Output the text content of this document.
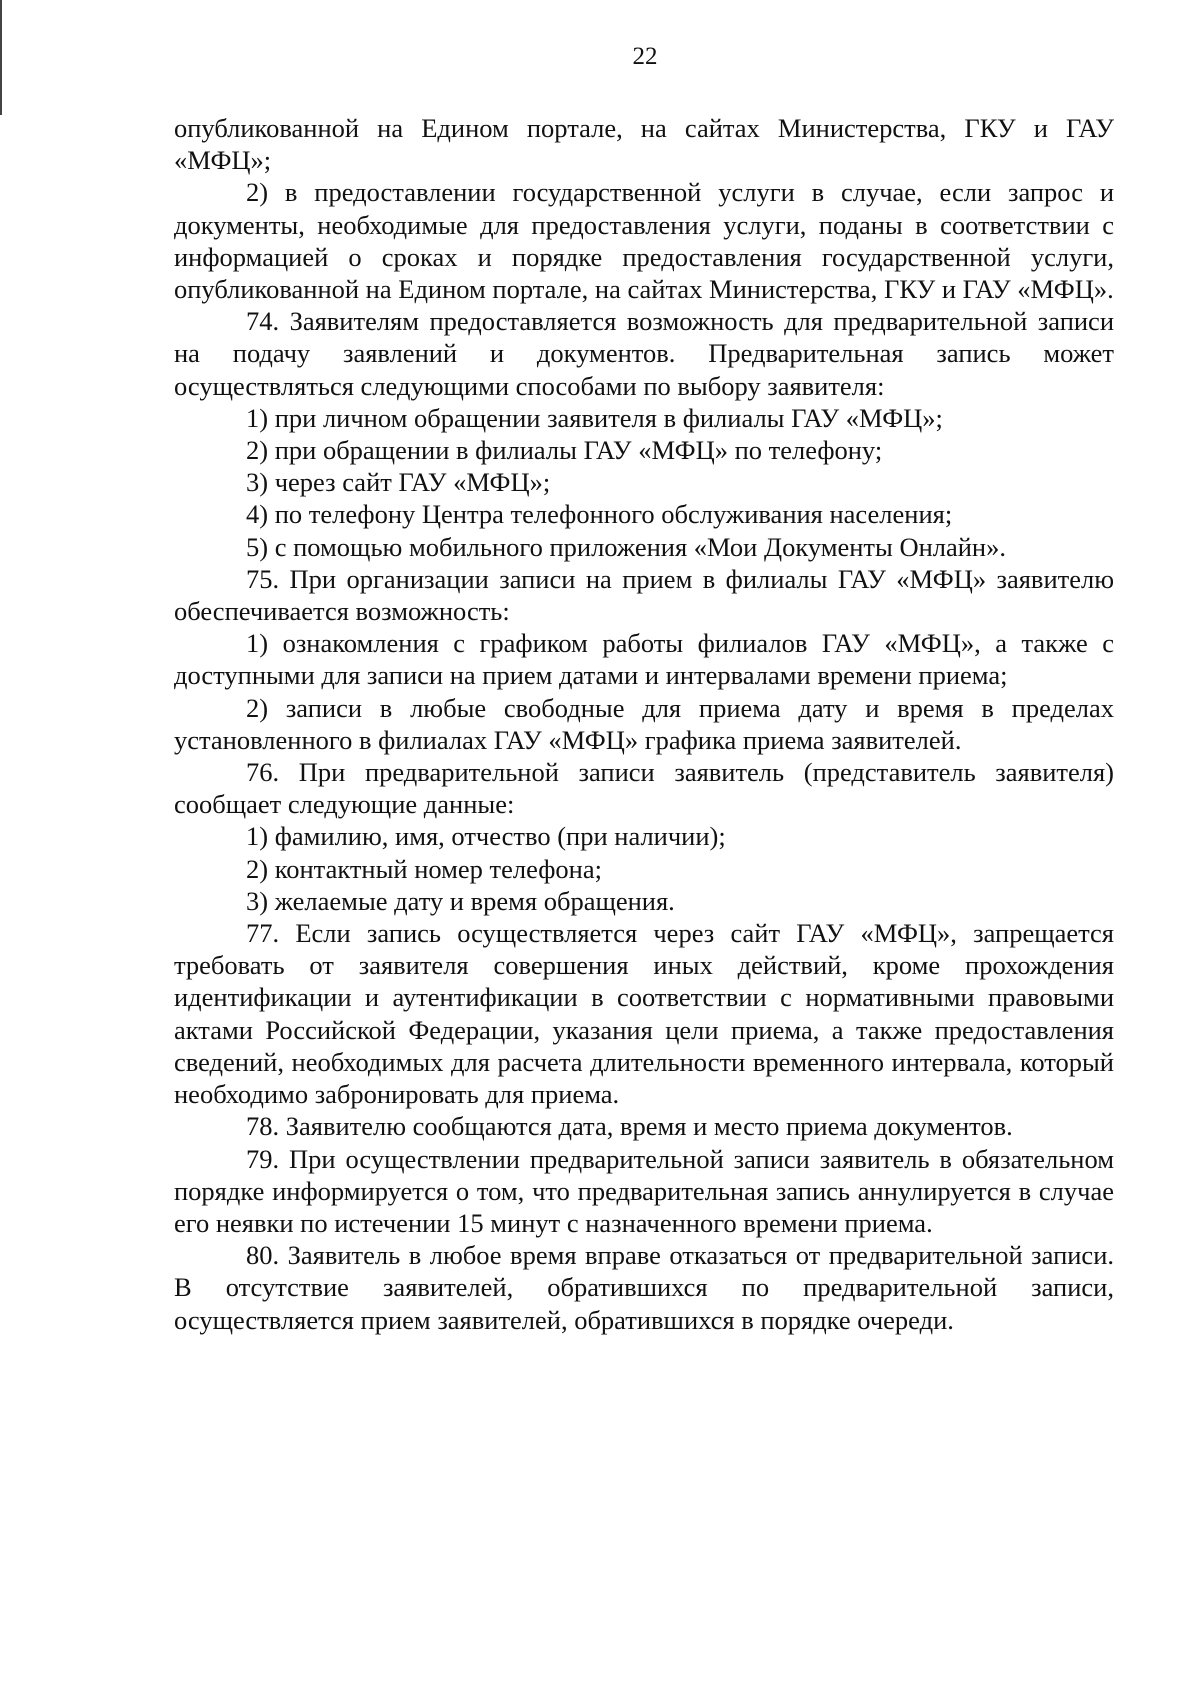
22

опубликованной на Едином портале, на сайтах Министерства, ГКУ и ГАУ «МФЦ»;

2) в предоставлении государственной услуги в случае, если запрос и документы, необходимые для предоставления услуги, поданы в соответствии с информацией о сроках и порядке предоставления государственной услуги, опубликованной на Едином портале, на сайтах Министерства, ГКУ и ГАУ «МФЦ».

74. Заявителям предоставляется возможность для предварительной записи на подачу заявлений и документов. Предварительная запись может осуществляться следующими способами по выбору заявителя:

1) при личном обращении заявителя в филиалы ГАУ «МФЦ»;

2) при обращении в филиалы ГАУ «МФЦ» по телефону;

3) через сайт ГАУ «МФЦ»;

4) по телефону Центра телефонного обслуживания населения;

5) с помощью мобильного приложения «Мои Документы Онлайн».

75. При организации записи на прием в филиалы ГАУ «МФЦ» заявителю обеспечивается возможность:

1) ознакомления с графиком работы филиалов ГАУ «МФЦ», а также с доступными для записи на прием датами и интервалами времени приема;

2) записи в любые свободные для приема дату и время в пределах установленного в филиалах ГАУ «МФЦ» графика приема заявителей.

76. При предварительной записи заявитель (представитель заявителя) сообщает следующие данные:

1) фамилию, имя, отчество (при наличии);

2) контактный номер телефона;

3) желаемые дату и время обращения.

77. Если запись осуществляется через сайт ГАУ «МФЦ», запрещается требовать от заявителя совершения иных действий, кроме прохождения идентификации и аутентификации в соответствии с нормативными правовыми актами Российской Федерации, указания цели приема, а также предоставления сведений, необходимых для расчета длительности временного интервала, который необходимо забронировать для приема.

78. Заявителю сообщаются дата, время и место приема документов.

79. При осуществлении предварительной записи заявитель в обязательном порядке информируется о том, что предварительная запись аннулируется в случае его неявки по истечении 15 минут с назначенного времени приема.

80. Заявитель в любое время вправе отказаться от предварительной записи. В отсутствие заявителей, обратившихся по предварительной записи, осуществляется прием заявителей, обратившихся в порядке очереди.
